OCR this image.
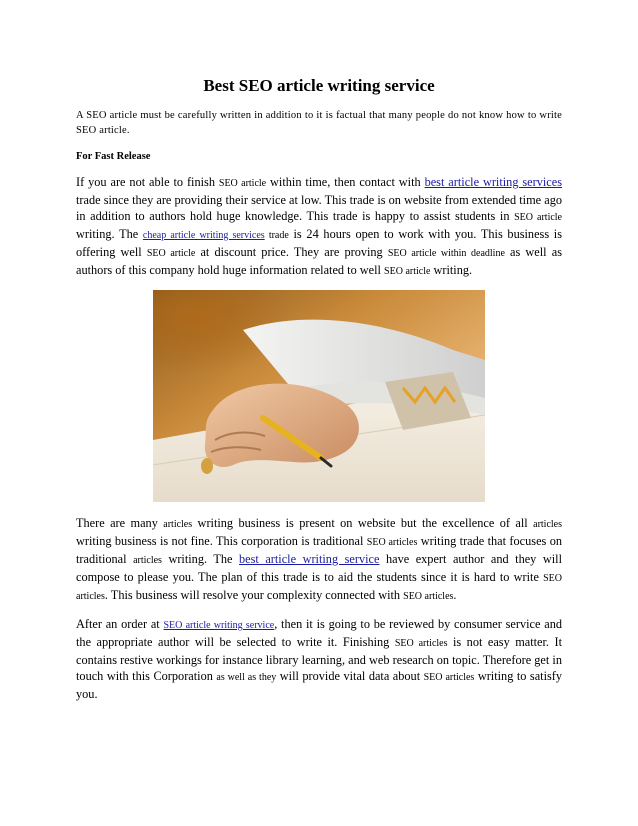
Best SEO article writing service

A SEO article must be carefully written in addition to it is factual that many people do not know how to write SEO article.

For Fast Release

If you are not able to finish SEO article within time, then contact with best article writing services trade since they are providing their service at low. This trade is on website from extended time ago in addition to authors hold huge knowledge. This trade is happy to assist students in SEO article writing. The cheap article writing services trade is 24 hours open to work with you. This business is offering well SEO article at discount price. They are proving SEO article within deadline as well as authors of this company hold huge information related to well SEO article writing.

There are many articles writing business is present on website but the excellence of all articles writing business is not fine. This corporation is traditional SEO articles writing trade that focuses on traditional articles writing. The best article writing service have expert author and they will compose to please you. The plan of this trade is to aid the students since it is hard to write SEO articles. This business will resolve your complexity connected with SEO articles.

After an order at SEO article writing service, then it is going to be reviewed by consumer service and the appropriate author will be selected to write it. Finishing SEO articles is not easy matter. It contains restive workings for instance library learning, and web research on topic. Therefore get in touch with this Corporation as well as they will provide vital data about SEO articles writing to satisfy you.
